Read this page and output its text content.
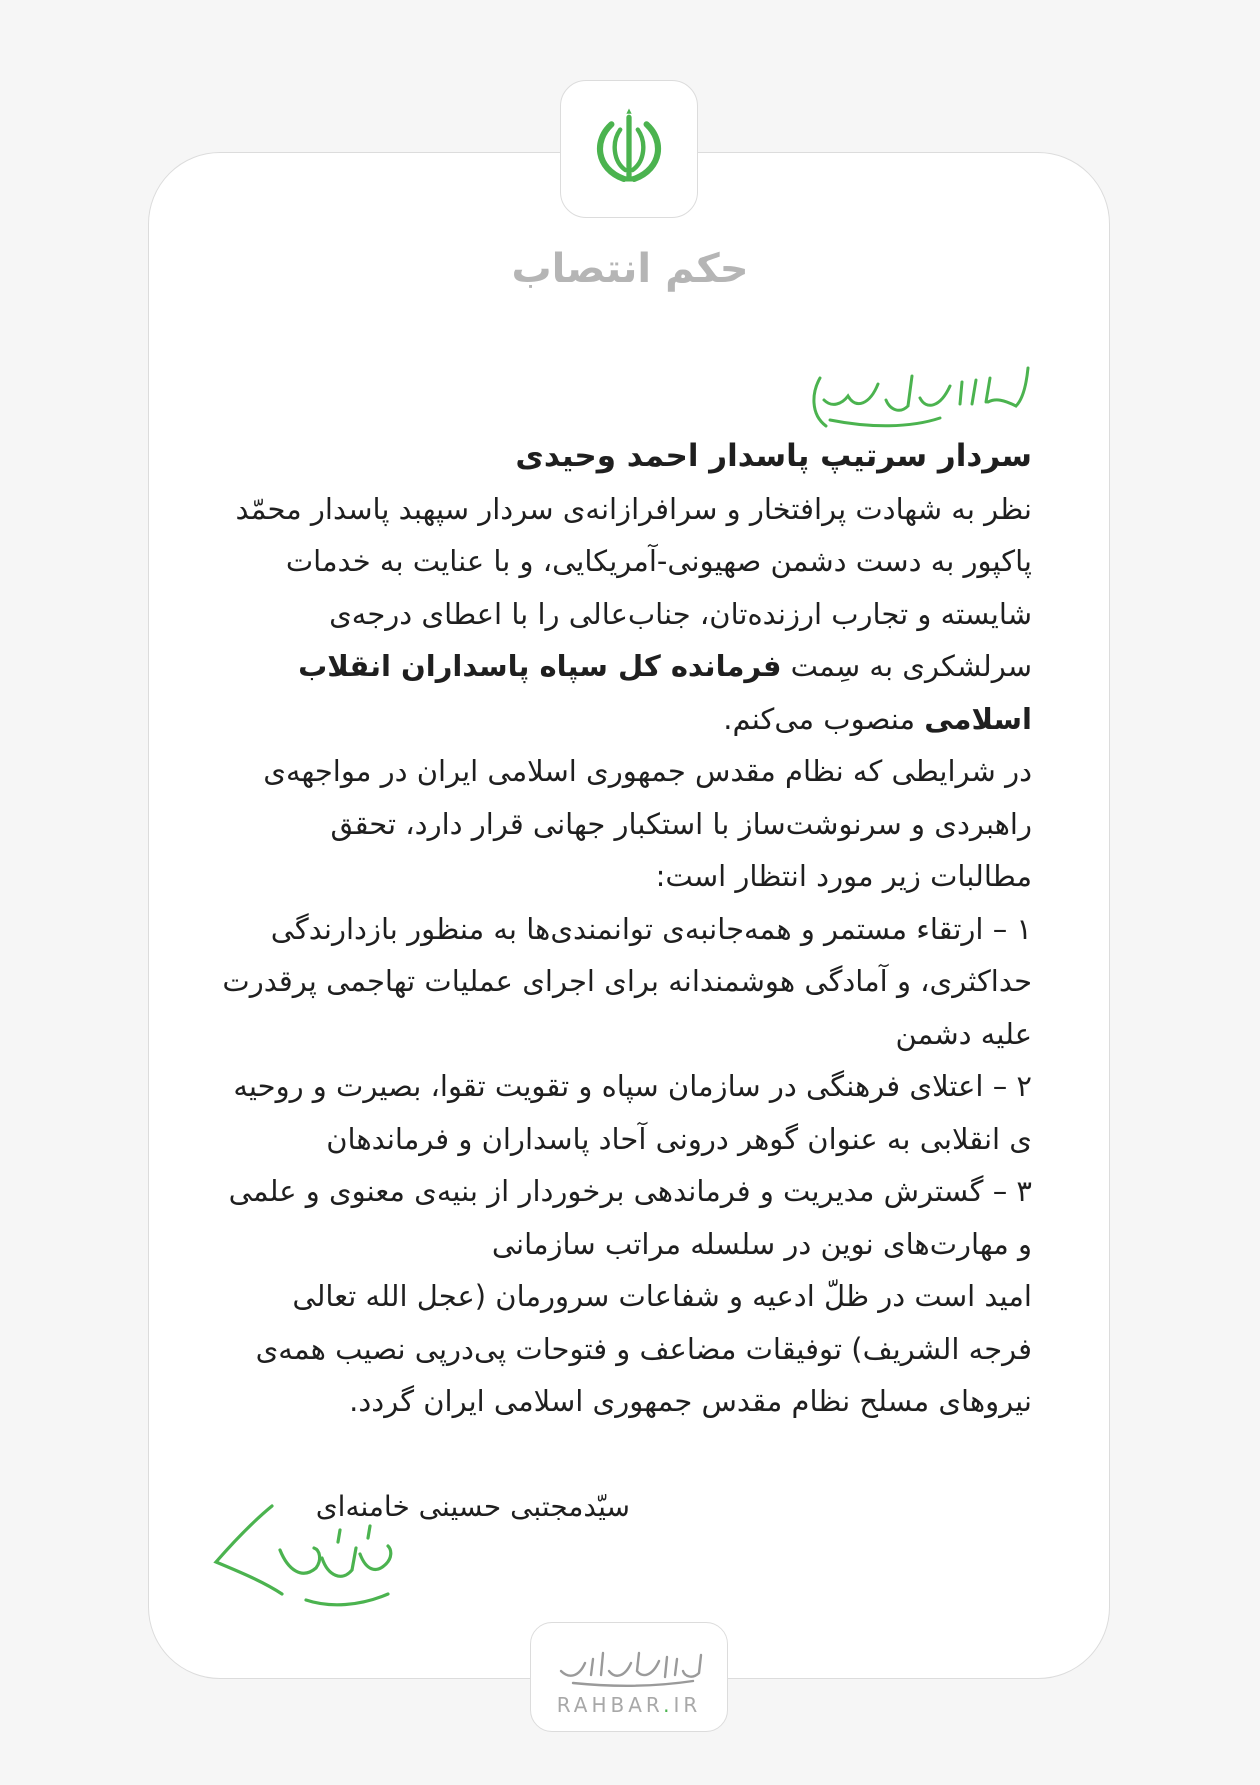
حکم انتصاب

سردار سرتیپ پاسدار احمد وحیدی

نظر به شهادت پرافتخار و سرافرازانه‌ی سردار سپهبد پاسدار محمّد پاکپور به دست دشمن صهیونی-آمریکایی، و با عنایت به خدمات شایسته و تجارب ارزنده‌تان، جناب‌عالی را با اعطای درجه‌ی سرلشکری به سِمت فرمانده کل سپاه پاسداران انقلاب اسلامی منصوب می‌کنم.

در شرایطی که نظام مقدس جمهوری اسلامی ایران در مواجهه‌ی راهبردی و سرنوشت‌ساز با استکبار جهانی قرار دارد، تحقق مطالبات زیر مورد انتظار است:

۱ – ارتقاء مستمر و همه‌جانبه‌ی توانمندی‌ها به منظور بازدارندگی حداکثری، و آمادگی هوشمندانه برای اجرای عملیات تهاجمی پرقدرت علیه دشمن

۲ – اعتلای فرهنگی در سازمان سپاه و تقویت تقوا، بصیرت و روحیه ی انقلابی به عنوان گوهر درونی آحاد پاسداران و فرماندهان

۳ – گسترش مدیریت و فرماندهی برخوردار از بنیه‌ی معنوی و علمی و مهارت‌های نوین در سلسله مراتب سازمانی

امید است در ظلّ ادعیه و شفاعات سرورمان (عجل الله تعالی فرجه الشریف) توفیقات مضاعف و فتوحات پی‌درپی نصیب همه‌ی نیروهای مسلح نظام مقدس جمهوری اسلامی ایران گردد.

سیّدمجتبی حسینی خامنه‌ای
RAHBAR.IR
